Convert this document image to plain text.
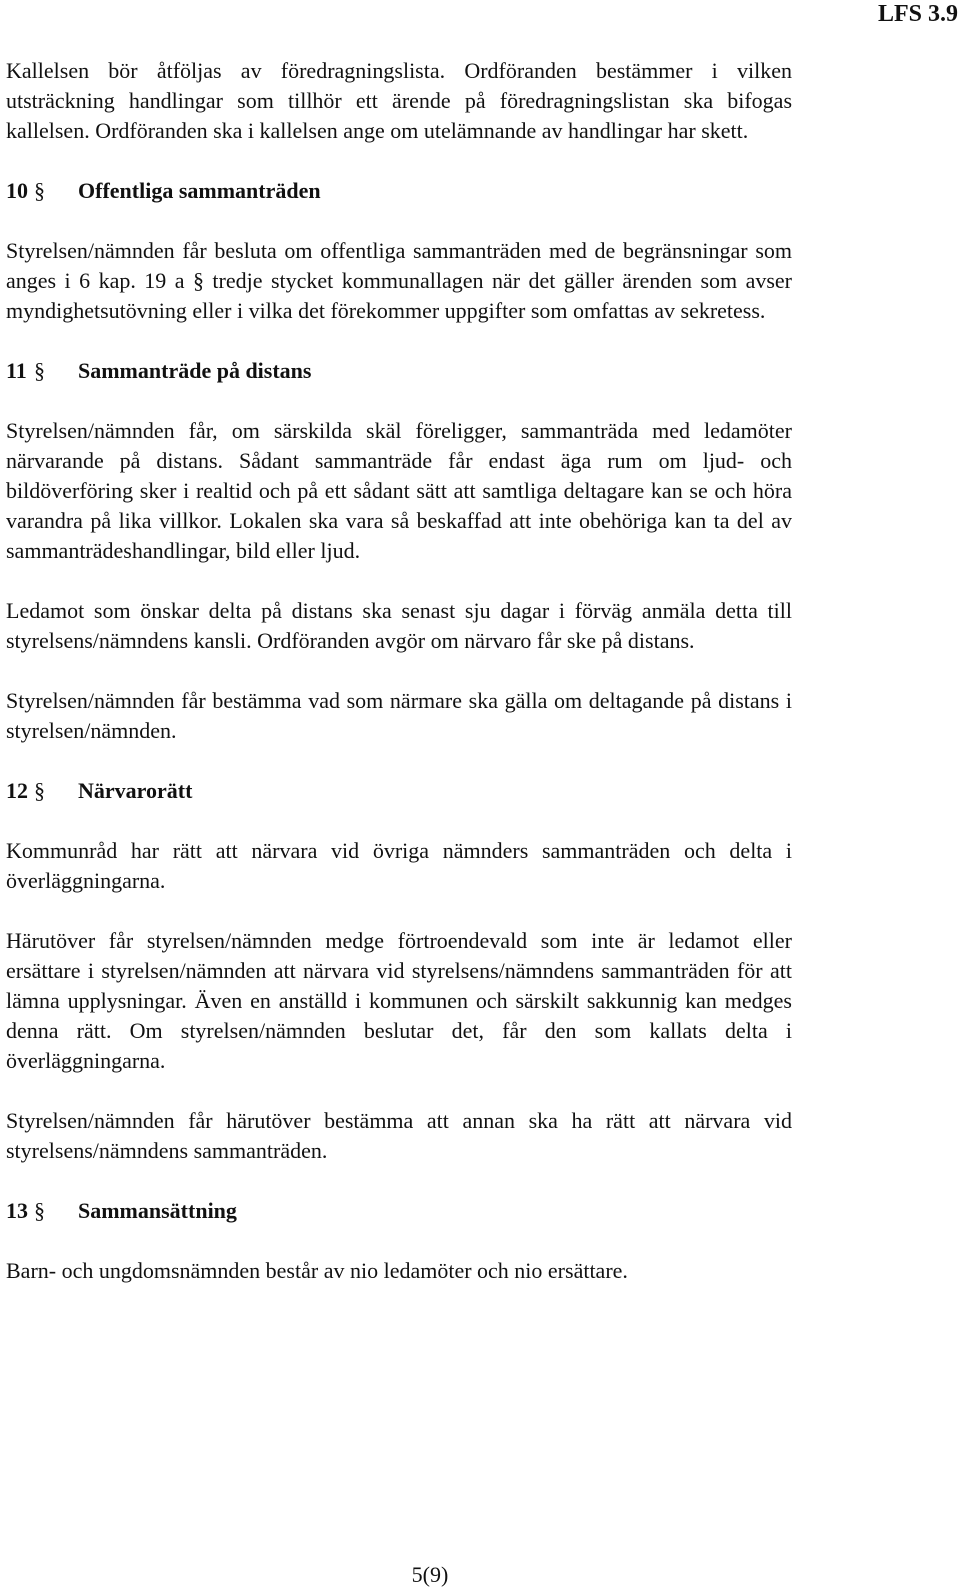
LFS 3.9

Kallelsen bör åtföljas av föredragningslista. Ordföranden bestämmer i vilken utsträckning handlingar som tillhör ett ärende på föredragningslistan ska bifogas kallelsen. Ordföranden ska i kallelsen ange om utelämnande av handlingar har skett.

10 §	Offentliga sammanträden

Styrelsen/nämnden får besluta om offentliga sammanträden med de begränsningar som anges i 6 kap. 19 a § tredje stycket kommunallagen när det gäller ärenden som avser myndighetsutövning eller i vilka det förekommer uppgifter som omfattas av sekretess.

11 §	Sammanträde på distans

Styrelsen/nämnden får, om särskilda skäl föreligger, sammanträda med ledamöter närvarande på distans. Sådant sammanträde får endast äga rum om ljud- och bildöverföring sker i realtid och på ett sådant sätt att samtliga deltagare kan se och höra varandra på lika villkor. Lokalen ska vara så beskaffad att inte obehöriga kan ta del av sammanträdeshandlingar, bild eller ljud.

Ledamot som önskar delta på distans ska senast sju dagar i förväg anmäla detta till styrelsens/nämndens kansli. Ordföranden avgör om närvaro får ske på distans.

Styrelsen/nämnden får bestämma vad som närmare ska gälla om deltagande på distans i styrelsen/nämnden.

12 §	Närvarorätt

Kommunråd har rätt att närvara vid övriga nämnders sammanträden och delta i överläggningarna.

Härutöver får styrelsen/nämnden medge förtroendevald som inte är ledamot eller ersättare i styrelsen/nämnden att närvara vid styrelsens/nämndens sammanträden för att lämna upplysningar. Även en anställd i kommunen och särskilt sakkunnig kan medges denna rätt. Om styrelsen/nämnden beslutar det, får den som kallats delta i överläggningarna.

Styrelsen/nämnden får härutöver bestämma att annan ska ha rätt att närvara vid styrelsens/nämndens sammanträden.

13 §	Sammansättning

Barn- och ungdomsnämnden består av nio ledamöter och nio ersättare.

5(9)
